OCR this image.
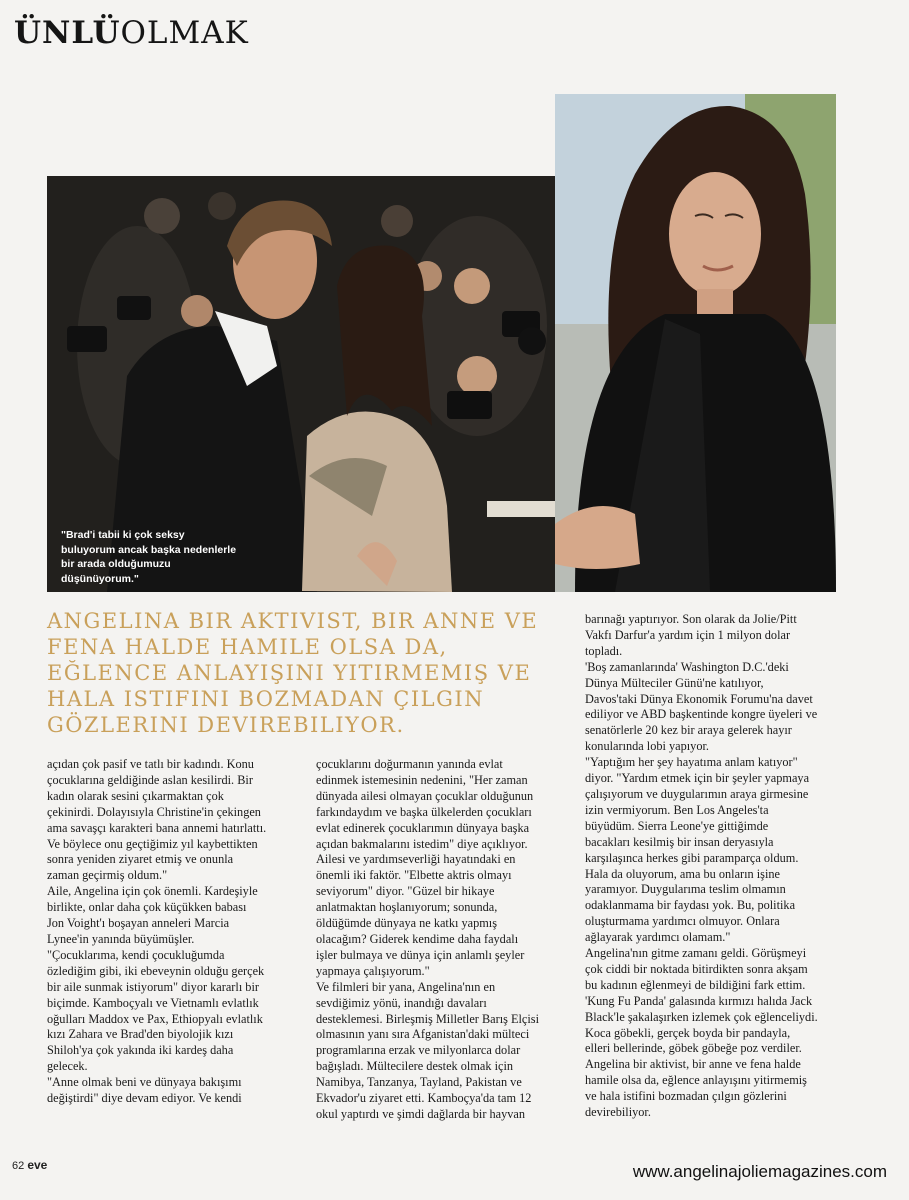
ÜNLÜOLMAK
"Brad'i tabii ki çok seksy buluyorum ancak başka nedenlerle bir arada olduğumuzu düşünüyorum."
ANGELINA BIR AKTIVIST, BIR ANNE VE FENA HALDE HAMILE OLSA DA, EĞLENCE ANLAYIŞINI YITIRMEMIŞ VE HALA ISTIFINI BOZMADAN ÇILGIN GÖZLERINI DEVIREBILIYOR.

açıdan çok pasif ve tatlı bir kadındı. Konu

çocuklarına geldiğinde aslan kesilirdi. Bir

kadın olarak sesini çıkarmaktan çok

çekinirdi. Dolayısıyla Christine'in çekingen

ama savaşçı karakteri bana annemi hatırlattı.

Ve böylece onu geçtiğimiz yıl kaybettikten

sonra yeniden ziyaret etmiş ve onunla

zaman geçirmiş oldum."

Aile, Angelina için çok önemli. Kardeşiyle

birlikte, onlar daha çok küçükken babası

Jon Voight'ı boşayan anneleri Marcia

Lynee'in yanında büyümüşler.

"Çocuklarıma, kendi çocukluğumda

özlediğim gibi, iki ebeveynin olduğu gerçek

bir aile sunmak istiyorum" diyor kararlı bir

biçimde. Kamboçyalı ve Vietnamlı evlatlık

oğulları Maddox ve Pax, Ethiopyalı evlatlık

kızı Zahara ve Brad'den biyolojik kızı

Shiloh'ya çok yakında iki kardeş daha

gelecek.

"Anne olmak beni ve dünyaya bakışımı

değiştirdi" diye devam ediyor. Ve kendi

çocuklarını doğurmanın yanında evlat

edinmek istemesinin nedenini, "Her zaman

dünyada ailesi olmayan çocuklar olduğunun

farkındaydım ve başka ülkelerden çocukları

evlat edinerek çocuklarımın dünyaya başka

açıdan bakmalarını istedim" diye açıklıyor.

Ailesi ve yardımseverliği hayatındaki en

önemli iki faktör. "Elbette aktris olmayı

seviyorum" diyor. "Güzel bir hikaye

anlatmaktan hoşlanıyorum; sonunda,

öldüğümde dünyaya ne katkı yapmış

olacağım? Giderek kendime daha faydalı

işler bulmaya ve dünya için anlamlı şeyler

yapmaya çalışıyorum."

Ve filmleri bir yana, Angelina'nın en

sevdiğimiz yönü, inandığı davaları

desteklemesi. Birleşmiş Milletler Barış Elçisi

olmasının yanı sıra Afganistan'daki mülteci

programlarına erzak ve milyonlarca dolar

bağışladı. Mültecilere destek olmak için

Namibya, Tanzanya, Tayland, Pakistan ve

Ekvador'u ziyaret etti. Kamboçya'da tam 12

okul yaptırdı ve şimdi dağlarda bir hayvan

barınağı yaptırıyor. Son olarak da Jolie/Pitt

Vakfı Darfur'a yardım için 1 milyon dolar

topladı.

'Boş zamanlarında' Washington D.C.'deki

Dünya Mülteciler Günü'ne katılıyor,

Davos'taki Dünya Ekonomik Forumu'na davet

ediliyor ve ABD başkentinde kongre üyeleri ve

senatörlerle 20 kez bir araya gelerek hayır

konularında lobi yapıyor.

"Yaptığım her şey hayatıma anlam katıyor"

diyor. "Yardım etmek için bir şeyler yapmaya

çalışıyorum ve duygularımın araya girmesine

izin vermiyorum. Ben Los Angeles'ta

büyüdüm. Sierra Leone'ye gittiğimde

bacakları kesilmiş bir insan deryasıyla

karşılaşınca herkes gibi paramparça oldum.

Hala da oluyorum, ama bu onların işine

yaramıyor. Duygularıma teslim olmamın

odaklanmama bir faydası yok. Bu, politika

oluşturmama yardımcı olmuyor. Onlara

ağlayarak yardımcı olamam."

Angelina'nın gitme zamanı geldi. Görüşmeyi

çok ciddi bir noktada bitirdikten sonra akşam

bu kadının eğlenmeyi de bildiğini fark ettim.

'Kung Fu Panda' galasında kırmızı halıda Jack

Black'le şakalaşırken izlemek çok eğlenceliydi.

Koca göbekli, gerçek boyda bir pandayla,

elleri bellerinde, göbek göbeğe poz verdiler.

Angelina bir aktivist, bir anne ve fena halde

hamile olsa da, eğlence anlayışını yitirmemiş

ve hala istifini bozmadan çılgın gözlerini

devirebiliyor.

62 eve	www.angelinajoliemagazines.com
